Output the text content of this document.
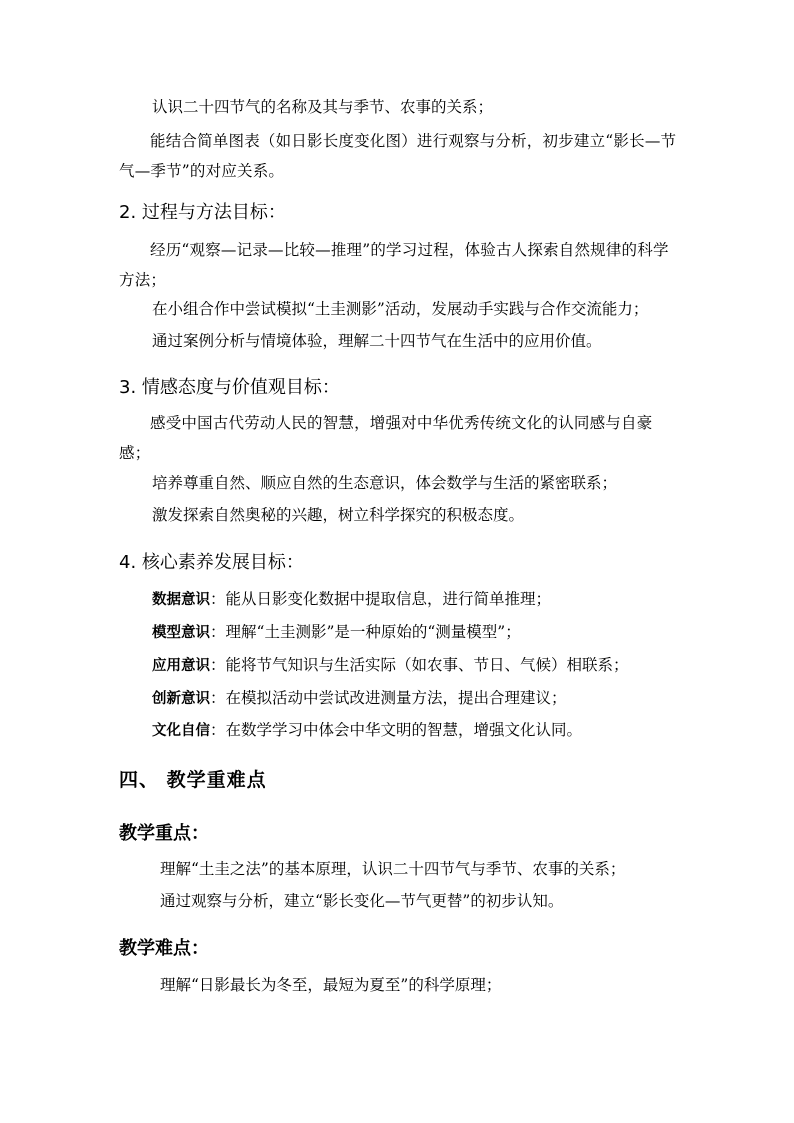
认识二十四节气的名称及其与季节、农事的关系；

能结合简单图表（如日影长度变化图）进行观察与分析，初步建立“影长—节气—季节”的对应关系。

2. 过程与方法目标：

经历“观察—记录—比较—推理”的学习过程，体验古人探索自然规律的科学方法；

在小组合作中尝试模拟“土圭测影”活动，发展动手实践与合作交流能力；

通过案例分析与情境体验，理解二十四节气在生活中的应用价值。

3. 情感态度与价值观目标：

感受中国古代劳动人民的智慧，增强对中华优秀传统文化的认同感与自豪感；

培养尊重自然、顺应自然的生态意识，体会数学与生活的紧密联系；

激发探索自然奥秘的兴趣，树立科学探究的积极态度。

4. 核心素养发展目标：

数据意识：能从日影变化数据中提取信息，进行简单推理；

模型意识：理解“土圭测影”是一种原始的“测量模型”；

应用意识：能将节气知识与生活实际（如农事、节日、气候）相联系；

创新意识：在模拟活动中尝试改进测量方法，提出合理建议；

文化自信：在数学学习中体会中华文明的智慧，增强文化认同。

四、 教学重难点
教学重点：

理解“土圭之法”的基本原理，认识二十四节气与季节、农事的关系；

通过观察与分析，建立“影长变化—节气更替”的初步认知。

教学难点：

理解“日影最长为冬至，最短为夏至”的科学原理；
